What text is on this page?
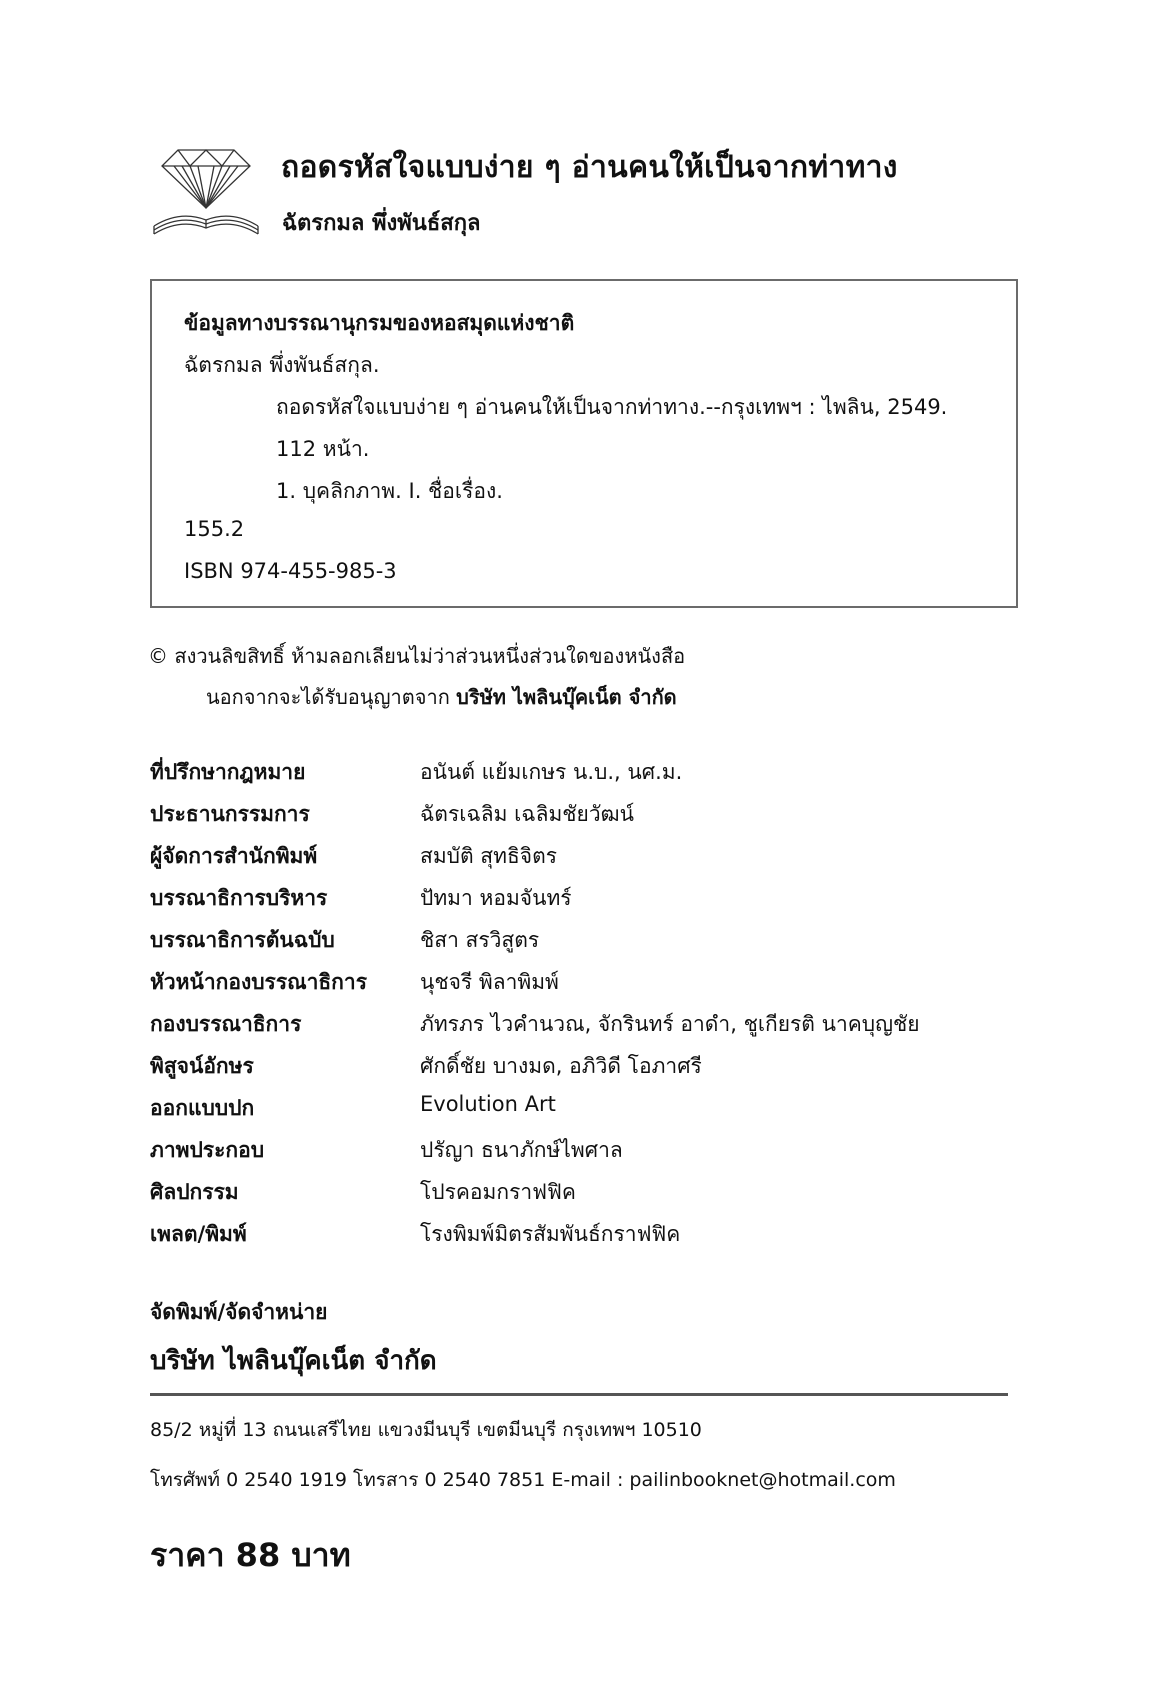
ถอดรหัสใจแบบง่าย ๆ อ่านคนให้เป็นจากท่าทาง
ฉัตรกมล พึ่งพันธ์สกุล
ข้อมูลทางบรรณานุกรมของหอสมุดแห่งชาติ
ฉัตรกมล พึ่งพันธ์สกุล.
ถอดรหัสใจแบบง่าย ๆ อ่านคนให้เป็นจากท่าทาง.--กรุงเทพฯ : ไพลิน, 2549.
112 หน้า.
1. บุคลิกภาพ. I. ชื่อเรื่อง.
155.2
ISBN 974-455-985-3
© สงวนลิขสิทธิ์ ห้ามลอกเลียนไม่ว่าส่วนหนึ่งส่วนใดของหนังสือ
นอกจากจะได้รับอนุญาตจาก บริษัท ไพลินบุ๊คเน็ต จำกัด
ที่ปรึกษากฎหมาย	อนันต์ แย้มเกษร น.บ., นศ.ม.
ประธานกรรมการ	ฉัตรเฉลิม เฉลิมชัยวัฒน์
ผู้จัดการสำนักพิมพ์	สมบัติ สุทธิจิตร
บรรณาธิการบริหาร	ปัทมา หอมจันทร์
บรรณาธิการต้นฉบับ	ชิสา สรวิสูตร
หัวหน้ากองบรรณาธิการ	นุชจรี พิลาพิมพ์
กองบรรณาธิการ	ภัทรภร ไวคำนวณ, จักรินทร์ อาดำ, ชูเกียรติ นาคบุญชัย
พิสูจน์อักษร	ศักดิ์ชัย บางมด, อภิวิดี โอภาศรี
ออกแบบปก	Evolution Art
ภาพประกอบ	ปรัญา ธนาภักษ์ไพศาล
ศิลปกรรม	โปรคอมกราฟฟิค
เพลต/พิมพ์	โรงพิมพ์มิตรสัมพันธ์กราฟฟิค
จัดพิมพ์/จัดจำหน่าย
บริษัท ไพลินบุ๊คเน็ต จำกัด
85/2 หมู่ที่ 13 ถนนเสรีไทย แขวงมีนบุรี เขตมีนบุรี กรุงเทพฯ 10510
โทรศัพท์ 0 2540 1919 โทรสาร 0 2540 7851 E-mail : pailinbooknet@hotmail.com
ราคา 88 บาท
